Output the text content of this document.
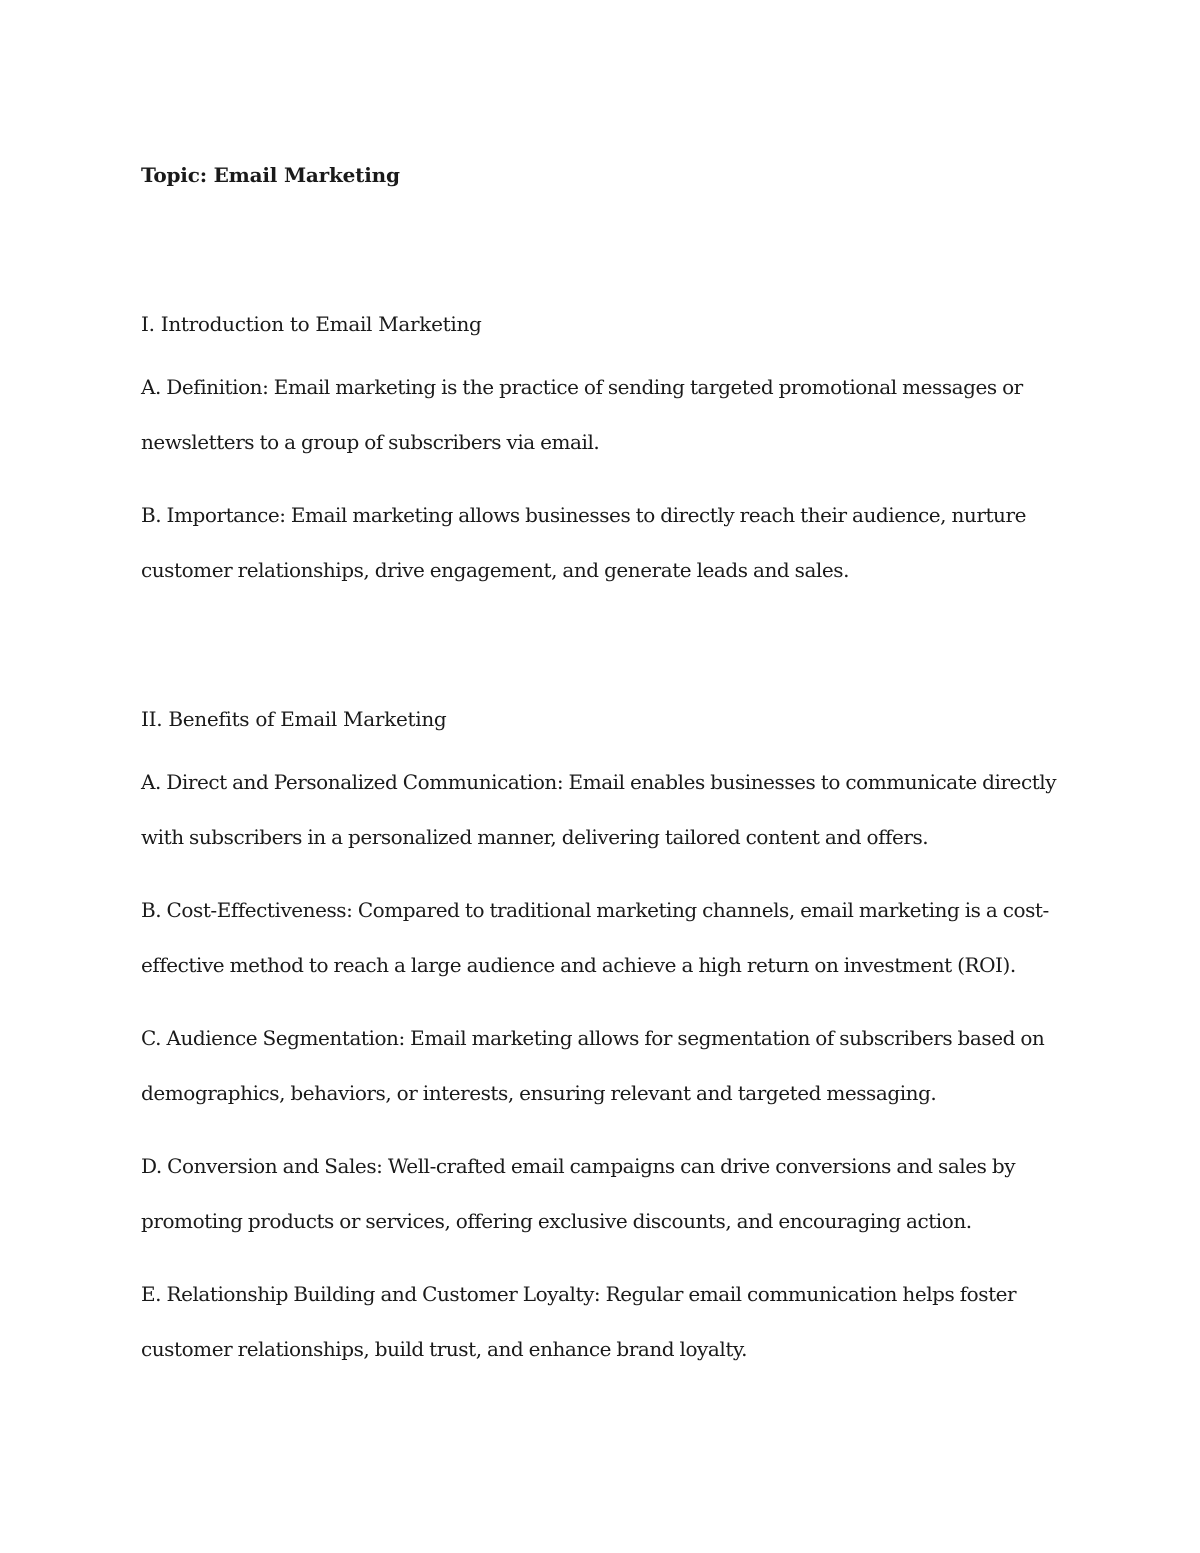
Topic: Email Marketing

I. Introduction to Email Marketing

A. Definition: Email marketing is the practice of sending targeted promotional messages or newsletters to a group of subscribers via email.

B. Importance: Email marketing allows businesses to directly reach their audience, nurture customer relationships, drive engagement, and generate leads and sales.

II. Benefits of Email Marketing

A. Direct and Personalized Communication: Email enables businesses to communicate directly with subscribers in a personalized manner, delivering tailored content and offers.

B. Cost-Effectiveness: Compared to traditional marketing channels, email marketing is a cost-effective method to reach a large audience and achieve a high return on investment (ROI).

C. Audience Segmentation: Email marketing allows for segmentation of subscribers based on demographics, behaviors, or interests, ensuring relevant and targeted messaging.

D. Conversion and Sales: Well-crafted email campaigns can drive conversions and sales by promoting products or services, offering exclusive discounts, and encouraging action.

E. Relationship Building and Customer Loyalty: Regular email communication helps foster customer relationships, build trust, and enhance brand loyalty.
